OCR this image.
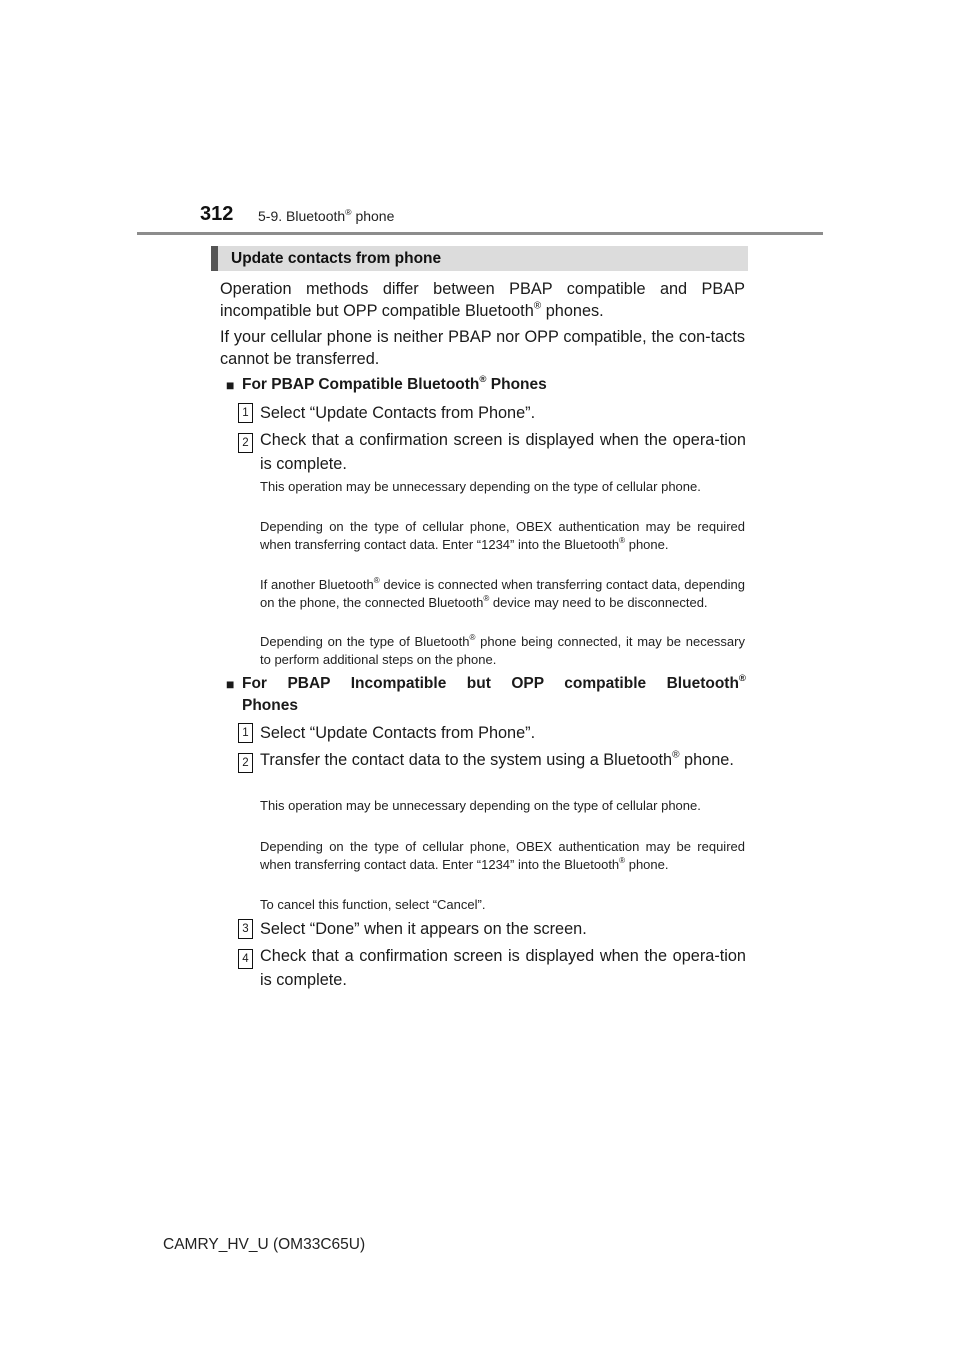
312 5-9. Bluetooth® phone
Update contacts from phone
Operation methods differ between PBAP compatible and PBAP incompatible but OPP compatible Bluetooth® phones.
If your cellular phone is neither PBAP nor OPP compatible, the con-tacts cannot be transferred.
■ For PBAP Compatible Bluetooth® Phones
1 Select “Update Contacts from Phone”.
2 Check that a confirmation screen is displayed when the opera-tion is complete.
This operation may be unnecessary depending on the type of cellular phone.
Depending on the type of cellular phone, OBEX authentication may be required when transferring contact data. Enter “1234” into the Bluetooth® phone.
If another Bluetooth® device is connected when transferring contact data, depending on the phone, the connected Bluetooth® device may need to be disconnected.
Depending on the type of Bluetooth® phone being connected, it may be necessary to perform additional steps on the phone.
■ For PBAP Incompatible but OPP compatible Bluetooth®
Phones
1 Select “Update Contacts from Phone”.
2 Transfer the contact data to the system using a Bluetooth® phone.
This operation may be unnecessary depending on the type of cellular phone.
Depending on the type of cellular phone, OBEX authentication may be required when transferring contact data. Enter “1234” into the Bluetooth® phone.
To cancel this function, select “Cancel”.
3 Select “Done” when it appears on the screen.
4 Check that a confirmation screen is displayed when the opera-tion is complete.
CAMRY_HV_U (OM33C65U)
